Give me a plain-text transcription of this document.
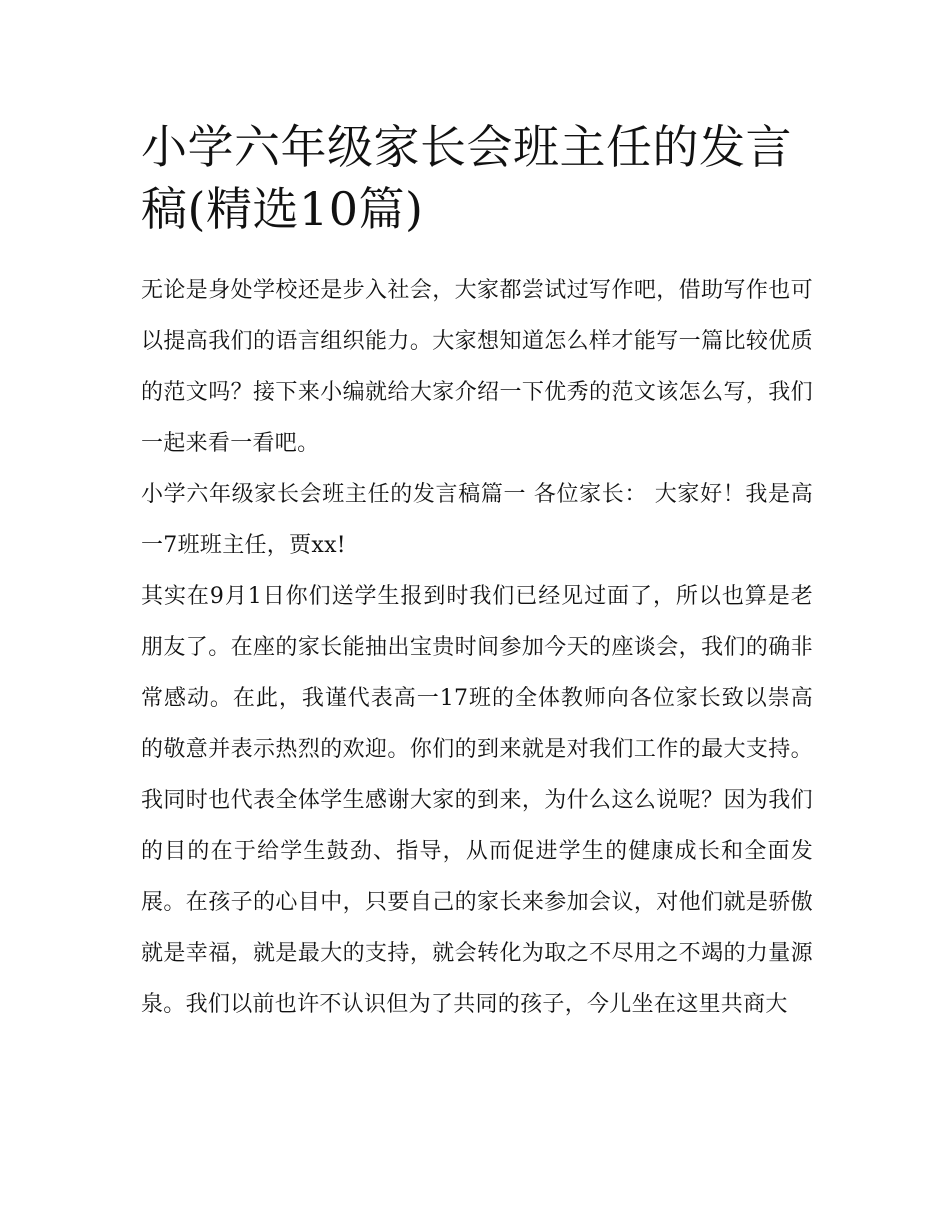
小学六年级家长会班主任的发言稿(精选10篇)

无论是身处学校还是步入社会，大家都尝试过写作吧，借助写作也可以提高我们的语言组织能力。大家想知道怎么样才能写一篇比较优质的范文吗？接下来小编就给大家介绍一下优秀的范文该怎么写，我们一起来看一看吧。

小学六年级家长会班主任的发言稿篇一 各位家长： 大家好！我是高一7班班主任，贾xx!

其实在9月1日你们送学生报到时我们已经见过面了，所以也算是老朋友了。在座的家长能抽出宝贵时间参加今天的座谈会，我们的确非常感动。在此，我谨代表高一17班的全体教师向各位家长致以崇高的敬意并表示热烈的欢迎。你们的到来就是对我们工作的最大支持。我同时也代表全体学生感谢大家的到来，为什么这么说呢？因为我们的目的在于给学生鼓劲、指导，从而促进学生的健康成长和全面发展。在孩子的心目中，只要自己的家长来参加会议，对他们就是骄傲就是幸福，就是最大的支持，就会转化为取之不尽用之不竭的力量源泉。我们以前也许不认识但为了共同的孩子，今儿坐在这里共商大
